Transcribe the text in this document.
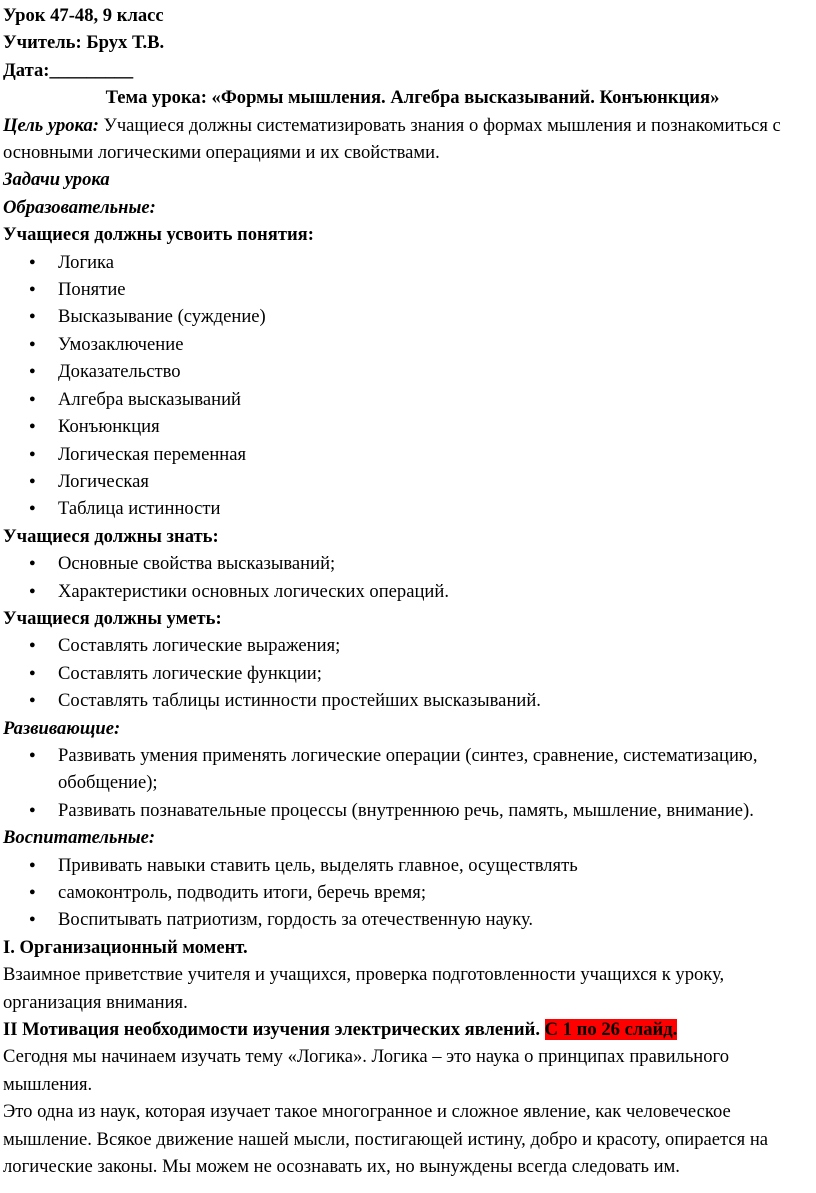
Урок 47-48, 9 класс

Учитель: Брух Т.В.

Дата:_________

Тема урока: «Формы мышления. Алгебра высказываний. Конъюнкция»

Цель урока: Учащиеся должны систематизировать знания о формах мышления и познакомиться с основными логическими операциями и их свойствами.

Задачи урока

Образовательные:

Учащиеся должны усвоить понятия:

● Логика
● Понятие
● Высказывание (суждение)
● Умозаключение
● Доказательство
● Алгебра высказываний
● Конъюнкция
● Логическая переменная
● Логическая
● Таблица истинности

Учащиеся должны знать:

● Основные свойства высказываний;
● Характеристики основных логических операций.

Учащиеся должны уметь:

● Составлять логические выражения;
● Составлять логические функции;
● Составлять таблицы истинности простейших высказываний.

Развивающие:

● Развивать умения применять логические операции (синтез, сравнение, систематизацию, обобщение);
● Развивать познавательные процессы (внутреннюю речь, память, мышление, внимание).

Воспитательные:

● Прививать навыки ставить цель, выделять главное, осуществлять
● самоконтроль, подводить итоги, беречь время;
● Воспитывать патриотизм, гордость за отечественную науку.

I. Организационный момент.

Взаимное приветствие учителя и учащихся, проверка подготовленности учащихся к уроку, организация внимания.

II Мотивация необходимости изучения электрических явлений. С 1 по 26 слайд.

Сегодня мы начинаем изучать тему «Логика». Логика – это наука о принципах правильного мышления.

Это одна из наук, которая изучает такое многогранное и сложное явление, как человеческое мышление. Всякое движение нашей мысли, постигающей истину, добро и красоту, опирается на логические законы. Мы можем не осознавать их, но вынуждены всегда следовать им.
